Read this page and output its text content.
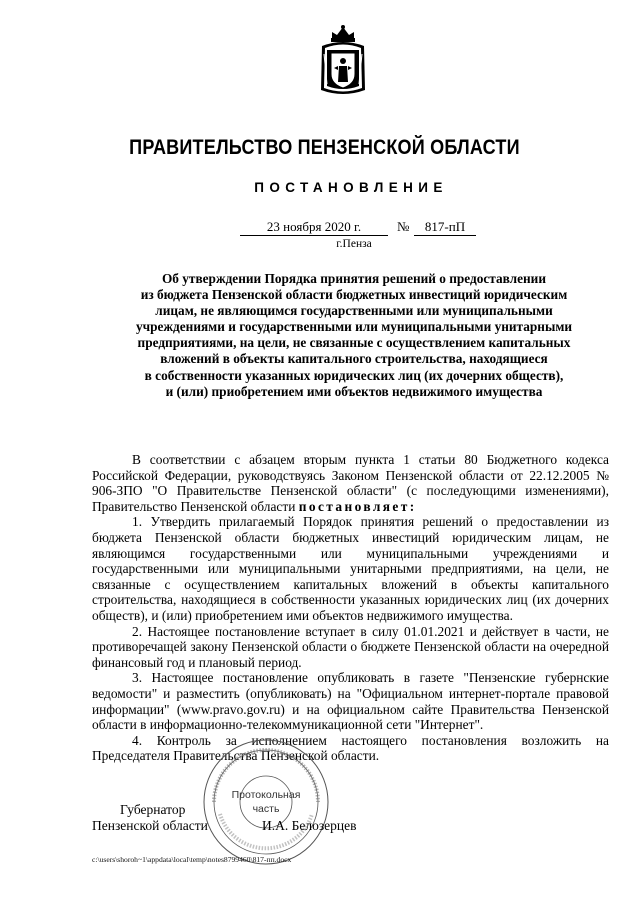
ПРАВИТЕЛЬСТВО ПЕНЗЕНСКОЙ ОБЛАСТИ
ПОСТАНОВЛЕНИЕ
23 ноября 2020 г.	№	817-пП
г.Пенза
Об утверждении Порядка принятия решений о предоставлении
из бюджета Пензенской области бюджетных инвестиций юридическим
лицам, не являющимся государственными или муниципальными
учреждениями и государственными или муниципальными унитарными
предприятиями, на цели, не связанные с осуществлением капитальных
вложений в объекты капитального строительства, находящиеся
в собственности указанных юридических лиц (их дочерних обществ),
и (или) приобретением ими объектов недвижимого имущества

В соответствии с абзацем вторым пункта 1 статьи 80 Бюджетного кодекса Российской Федерации, руководствуясь Законом Пензенской области от 22.12.2005 № 906-ЗПО "О Правительстве Пензенской области" (с последующими изменениями), Правительство Пензенской области постановляет:

1. Утвердить прилагаемый Порядок принятия решений о предоставлении из бюджета Пензенской области бюджетных инвестиций юридическим лицам, не являющимся государственными или муниципальными учреждениями и государственными или муниципальными унитарными предприятиями, на цели, не связанные с осуществлением капитальных вложений в объекты капитального строительства, находящиеся в собственности указанных юридических лиц (их дочерних обществ), и (или) приобретением ими объектов недвижимого имущества.

2. Настоящее постановление вступает в силу 01.01.2021 и действует в части, не противоречащей закону Пензенской области о бюджете Пензенской области на очередной финансовый год и плановый период.

3. Настоящее постановление опубликовать в газете "Пензенские губернские ведомости" и разместить (опубликовать) на "Официальном интернет-портале правовой информации" (www.pravo.gov.ru) и на официальном сайте Правительства Пензенской области в информационно-телекоммуникационной сети "Интернет".

4. Контроль за исполнением настоящего постановления возложить на Председателя Правительства Пензенской области.

Протокольная
часть
Губернатор
Пензенской области	И.А. Белозерцев
c:\users\shoroh~1\appdata\local\temp\notes8799460\817-пп.docx
